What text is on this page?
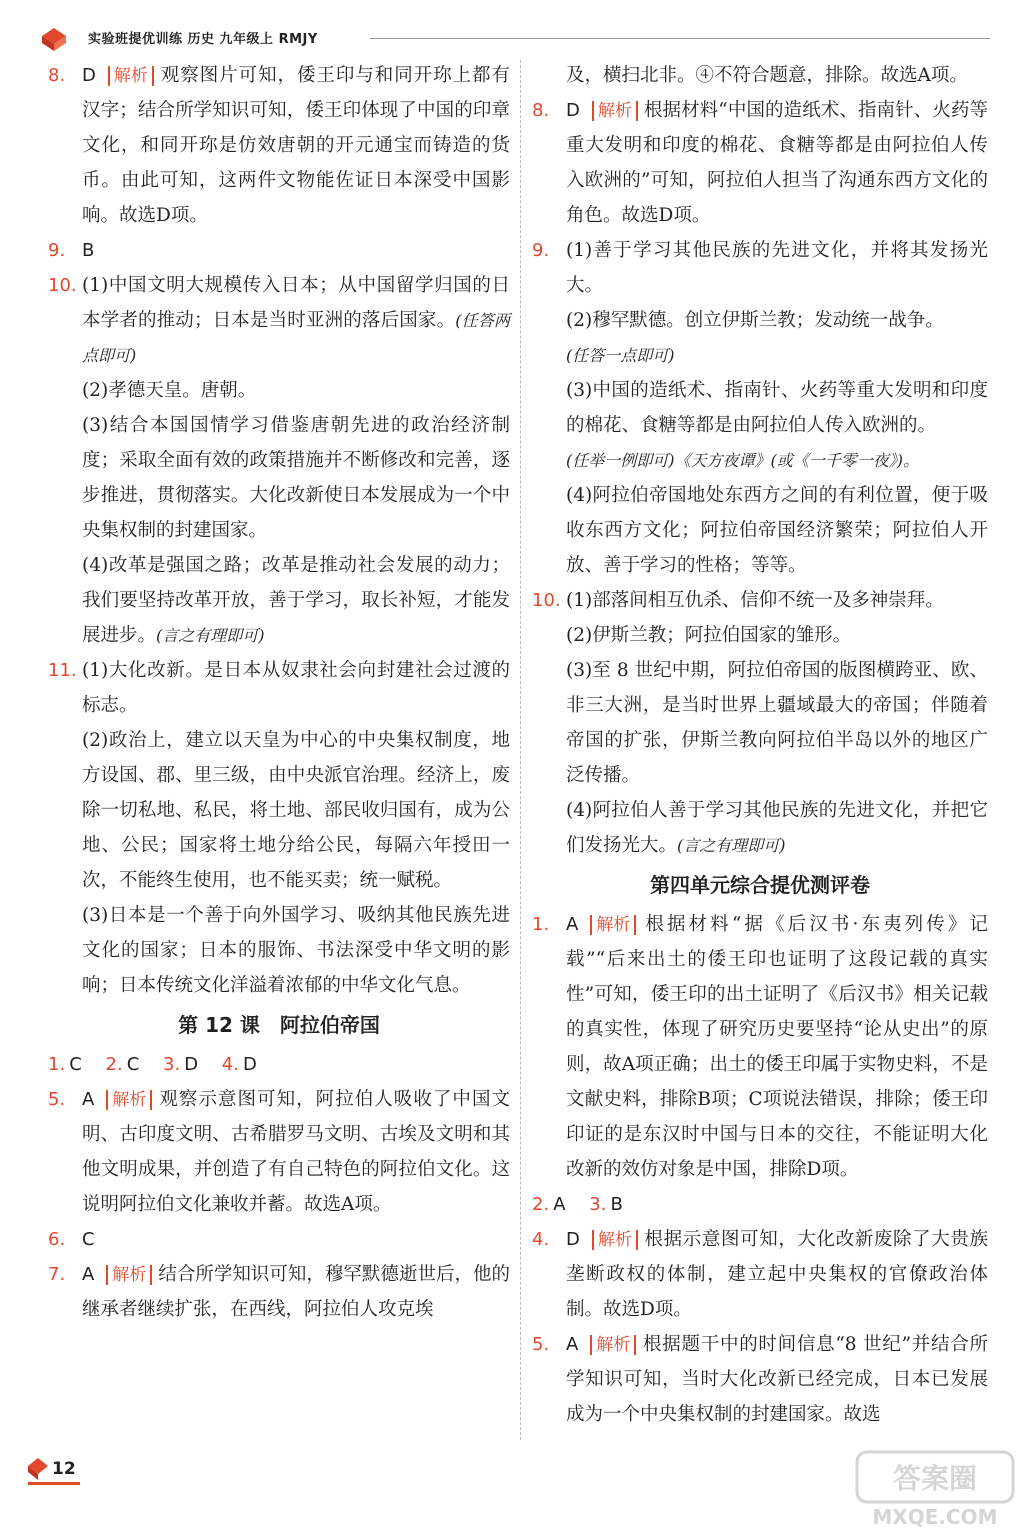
实验班提优训练 历史 九年级上 RMJY
8. D 解析 观察图片可知，倭王印与和同开珎上都有汉字；结合所学知识可知，倭王印体现了中国的印章文化，和同开珎是仿效唐朝的开元通宝而铸造的货币。由此可知，这两件文物能佐证日本深受中国影响。故选D项。
9. B
10. (1)中国文明大规模传入日本；从中国留学归国的日本学者的推动；日本是当时亚洲的落后国家。(任答两点即可)
(2)孝德天皇。唐朝。
(3)结合本国国情学习借鉴唐朝先进的政治经济制度；采取全面有效的政策措施并不断修改和完善，逐步推进，贯彻落实。大化改新使日本发展成为一个中央集权制的封建国家。
(4)改革是强国之路；改革是推动社会发展的动力；我们要坚持改革开放，善于学习，取长补短，才能发展进步。(言之有理即可)
11. (1)大化改新。是日本从奴隶社会向封建社会过渡的标志。
(2)政治上，建立以天皇为中心的中央集权制度，地方设国、郡、里三级，由中央派官治理。经济上，废除一切私地、私民，将土地、部民收归国有，成为公地、公民；国家将土地分给公民，每隔六年授田一次，不能终生使用，也不能买卖；统一赋税。
(3)日本是一个善于向外国学习、吸纳其他民族先进文化的国家；日本的服饰、书法深受中华文明的影响；日本传统文化洋溢着浓郁的中华文化气息。
第 12 课　阿拉伯帝国
1. C 2. C 3. D 4. D
5. A 解析 观察示意图可知，阿拉伯人吸收了中国文明、古印度文明、古希腊罗马文明、古埃及文明和其他文明成果，并创造了有自己特色的阿拉伯文化。这说明阿拉伯文化兼收并蓄。故选A项。
6. C
7. A 解析 结合所学知识可知，穆罕默德逝世后，他的继承者继续扩张，在西线，阿拉伯人攻克埃
及，横扫北非。④不符合题意，排除。故选A项。
8. D 解析 根据材料“中国的造纸术、指南针、火药等重大发明和印度的棉花、食糖等都是由阿拉伯人传入欧洲的”可知，阿拉伯人担当了沟通东西方文化的角色。故选D项。
9. (1)善于学习其他民族的先进文化，并将其发扬光大。
(2)穆罕默德。创立伊斯兰教；发动统一战争。
(任答一点即可)
(3)中国的造纸术、指南针、火药等重大发明和印度的棉花、食糖等都是由阿拉伯人传入欧洲的。
(任举一例即可)《天方夜谭》(或《一千零一夜》)。
(4)阿拉伯帝国地处东西方之间的有利位置，便于吸收东西方文化；阿拉伯帝国经济繁荣；阿拉伯人开放、善于学习的性格；等等。
10. (1)部落间相互仇杀、信仰不统一及多神崇拜。
(2)伊斯兰教；阿拉伯国家的雏形。
(3)至 8 世纪中期，阿拉伯帝国的版图横跨亚、欧、非三大洲，是当时世界上疆域最大的帝国；伴随着帝国的扩张，伊斯兰教向阿拉伯半岛以外的地区广泛传播。
(4)阿拉伯人善于学习其他民族的先进文化，并把它们发扬光大。(言之有理即可)
第四单元综合提优测评卷
1. A 解析 根据材料“据《后汉书·东夷列传》记载”“后来出土的倭王印也证明了这段记载的真实性”可知，倭王印的出土证明了《后汉书》相关记载的真实性，体现了研究历史要坚持“论从史出”的原则，故A项正确；出土的倭王印属于实物史料，不是文献史料，排除B项；C项说法错误，排除；倭王印印证的是东汉时中国与日本的交往，不能证明大化改新的效仿对象是中国，排除D项。
2. A 3. B
4. D 解析 根据示意图可知，大化改新废除了大贵族垄断政权的体制，建立起中央集权的官僚政治体制。故选D项。
5. A 解析 根据题干中的时间信息“8 世纪”并结合所学知识可知，当时大化改新已经完成，日本已发展成为一个中央集权制的封建国家。故选
12	答案圈
MXQE.COM
